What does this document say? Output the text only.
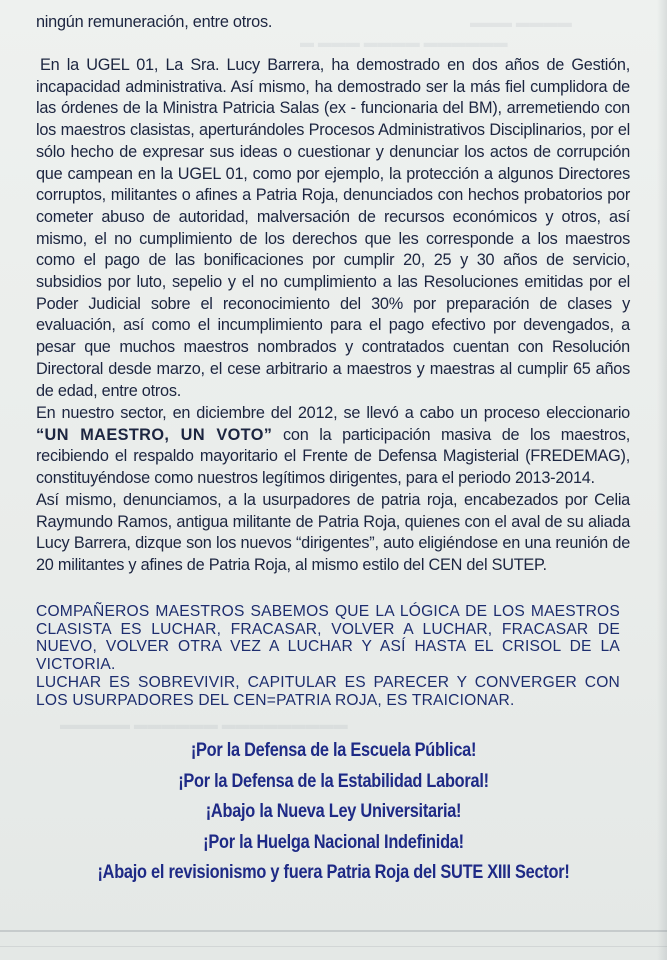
▬ ▬▬▬ ▬▬▬▬ ▬▬▬▬▬▬
▬▬▬ ▬▬▬▬
▬▬▬▬▬ ▬▬▬▬▬▬ ▬▬▬▬▬▬▬▬▬

ningún remuneración, entre otros.

En la UGEL 01, La Sra. Lucy Barrera, ha demostrado en dos años de Gestión, incapacidad administrativa. Así mismo, ha demostrado ser la más fiel cumplidora de las órdenes de la Ministra Patricia Salas (ex - funcionaria del BM), arremetiendo con los maestros clasistas, aperturándoles Procesos Administrativos Disciplinarios, por el sólo hecho de expresar sus ideas o cuestionar y denunciar los actos de corrupción que campean en la UGEL 01, como por ejemplo, la protección a algunos Directores corruptos, militantes o afines a Patria Roja, denunciados con hechos probatorios por cometer abuso de autoridad, malversación de recursos económicos y otros, así mismo, el no cumplimiento de los derechos que les corresponde a los maestros como el pago de las bonificaciones por cumplir 20, 25 y 30 años de servicio, subsidios por luto, sepelio y el no cumplimiento a las Resoluciones emitidas por el Poder Judicial sobre el reconocimiento del 30% por preparación de clases y evaluación, así como el incumplimiento para el pago efectivo por devengados, a pesar que muchos maestros nombrados y contratados cuentan con Resolución Directoral desde marzo, el cese arbitrario a maestros y maestras al cumplir 65 años de edad, entre otros.

En nuestro sector, en diciembre del 2012, se llevó a cabo un proceso eleccionario “UN MAESTRO, UN VOTO” con la participación masiva de los maestros, recibiendo el respaldo mayoritario el Frente de Defensa Magisterial (FREDEMAG), constituyéndose como nuestros legítimos dirigentes, para el periodo 2013-2014.

Así mismo, denunciamos, a la usurpadores de patria roja, encabezados por Celia Raymundo Ramos, antigua militante de Patria Roja, quienes con el aval de su aliada Lucy Barrera, dizque son los nuevos “dirigentes”, auto eligiéndose en una reunión de 20 militantes y afines de Patria Roja, al mismo estilo del CEN del SUTEP.

COMPAÑEROS MAESTROS SABEMOS QUE LA LÓGICA DE LOS MAESTROS CLASISTA ES LUCHAR, FRACASAR, VOLVER A LUCHAR, FRACASAR DE NUEVO, VOLVER OTRA VEZ A LUCHAR Y ASÍ HASTA EL CRISOL DE LA VICTORIA.

LUCHAR ES SOBREVIVIR, CAPITULAR ES PARECER Y CONVERGER CON LOS USURPADORES DEL CEN=PATRIA ROJA, ES TRAICIONAR.

¡Por la Defensa de la Escuela Pública!
¡Por la Defensa de la Estabilidad Laboral!
¡Abajo la Nueva Ley Universitaria!
¡Por la Huelga Nacional Indefinida!
¡Abajo el revisionismo y fuera Patria Roja del SUTE XIII Sector!
